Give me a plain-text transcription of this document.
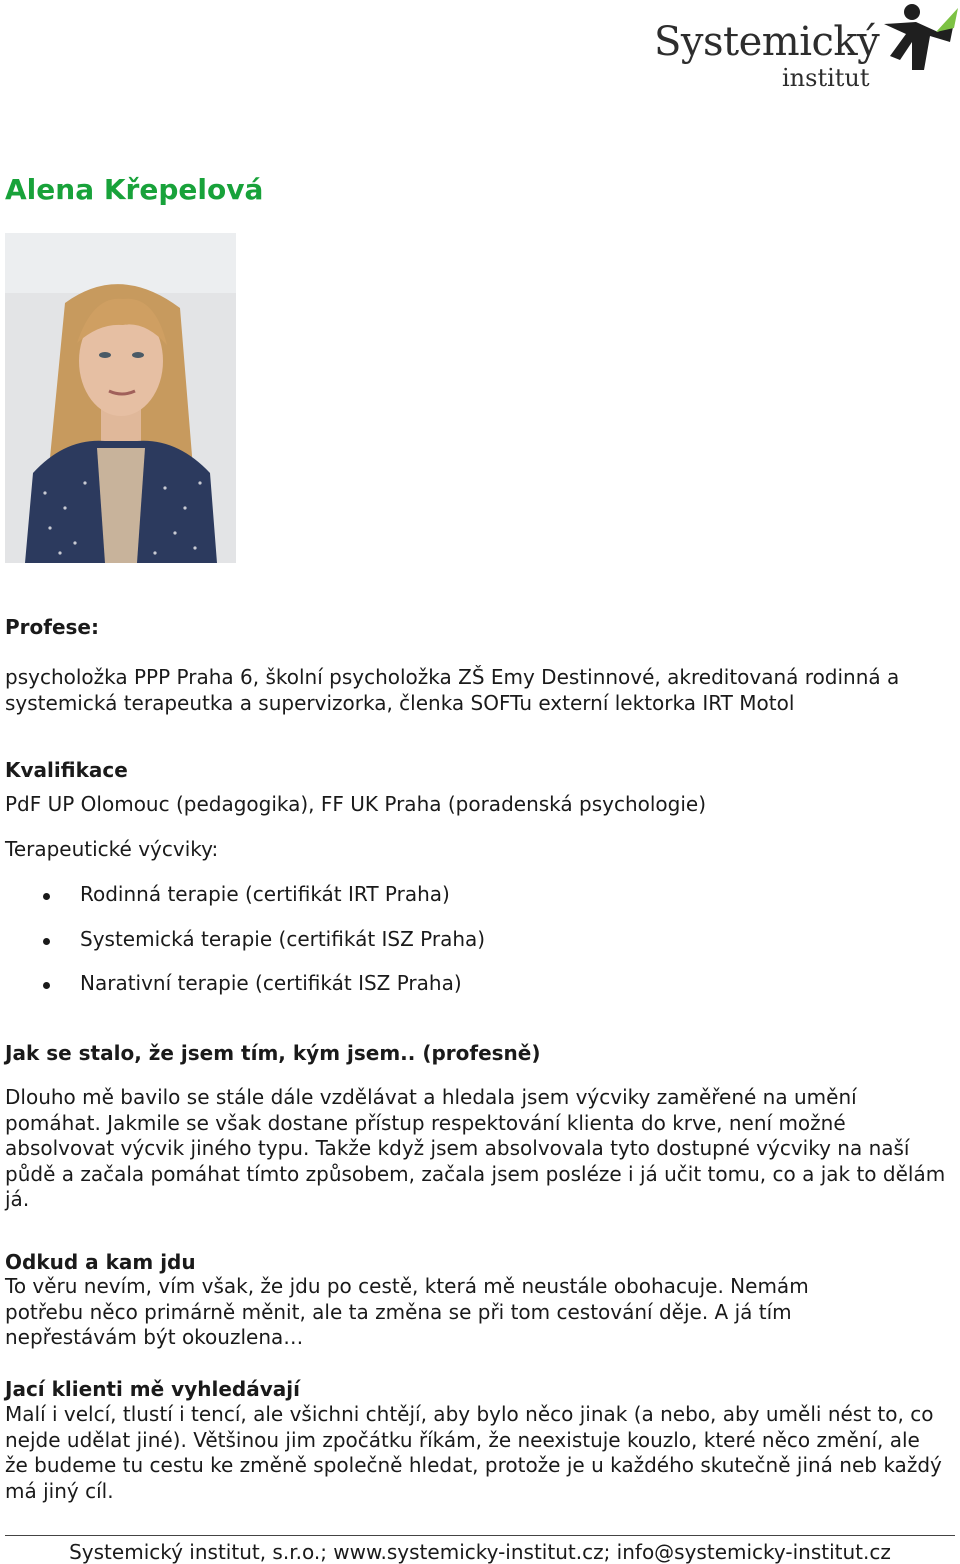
Systemický

institut

Alena Křepelová
Profese:

psycholožka PPP Praha 6, školní psycholožka ZŠ Emy Destinnové, akreditovaná rodinná a systemická terapeutka a supervizorka, členka SOFTu externí lektorka IRT Motol

Kvalifikace

PdF UP Olomouc (pedagogika), FF UK Praha (poradenská psychologie)

Terapeutické výcviky:

Rodinná terapie (certifikát IRT Praha)
Systemická terapie (certifikát ISZ Praha)
Narativní terapie (certifikát ISZ Praha)
Jak se stalo, že jsem tím, kým jsem.. (profesně)

Dlouho mě bavilo se stále dále vzdělávat a hledala jsem výcviky zaměřené na umění pomáhat. Jakmile se však dostane přístup respektování klienta do krve, není možné absolvovat výcvik jiného typu. Takže když jsem absolvovala tyto dostupné výcviky na naší půdě a začala pomáhat tímto způsobem, začala jsem posléze i já učit tomu, co a jak to dělám já.

Odkud a kam jdu

To věru nevím, vím však, že jdu po cestě, která mě neustále obohacuje. Nemám potřebu něco primárně měnit, ale ta změna se při tom cestování děje. A já tím nepřestávám být okouzlena…

Jací klienti mě vyhledávají

Malí i velcí, tlustí i tencí, ale všichni chtějí, aby bylo něco jinak (a nebo, aby uměli nést to, co nejde udělat jiné). Většinou jim zpočátku říkám, že neexistuje kouzlo, které něco změní, ale že budeme tu cestu ke změně společně hledat, protože je u každého skutečně jiná neb každý má jiný cíl.

Systemický institut, s.r.o.; www.systemicky-institut.cz; info@systemicky-institut.cz
